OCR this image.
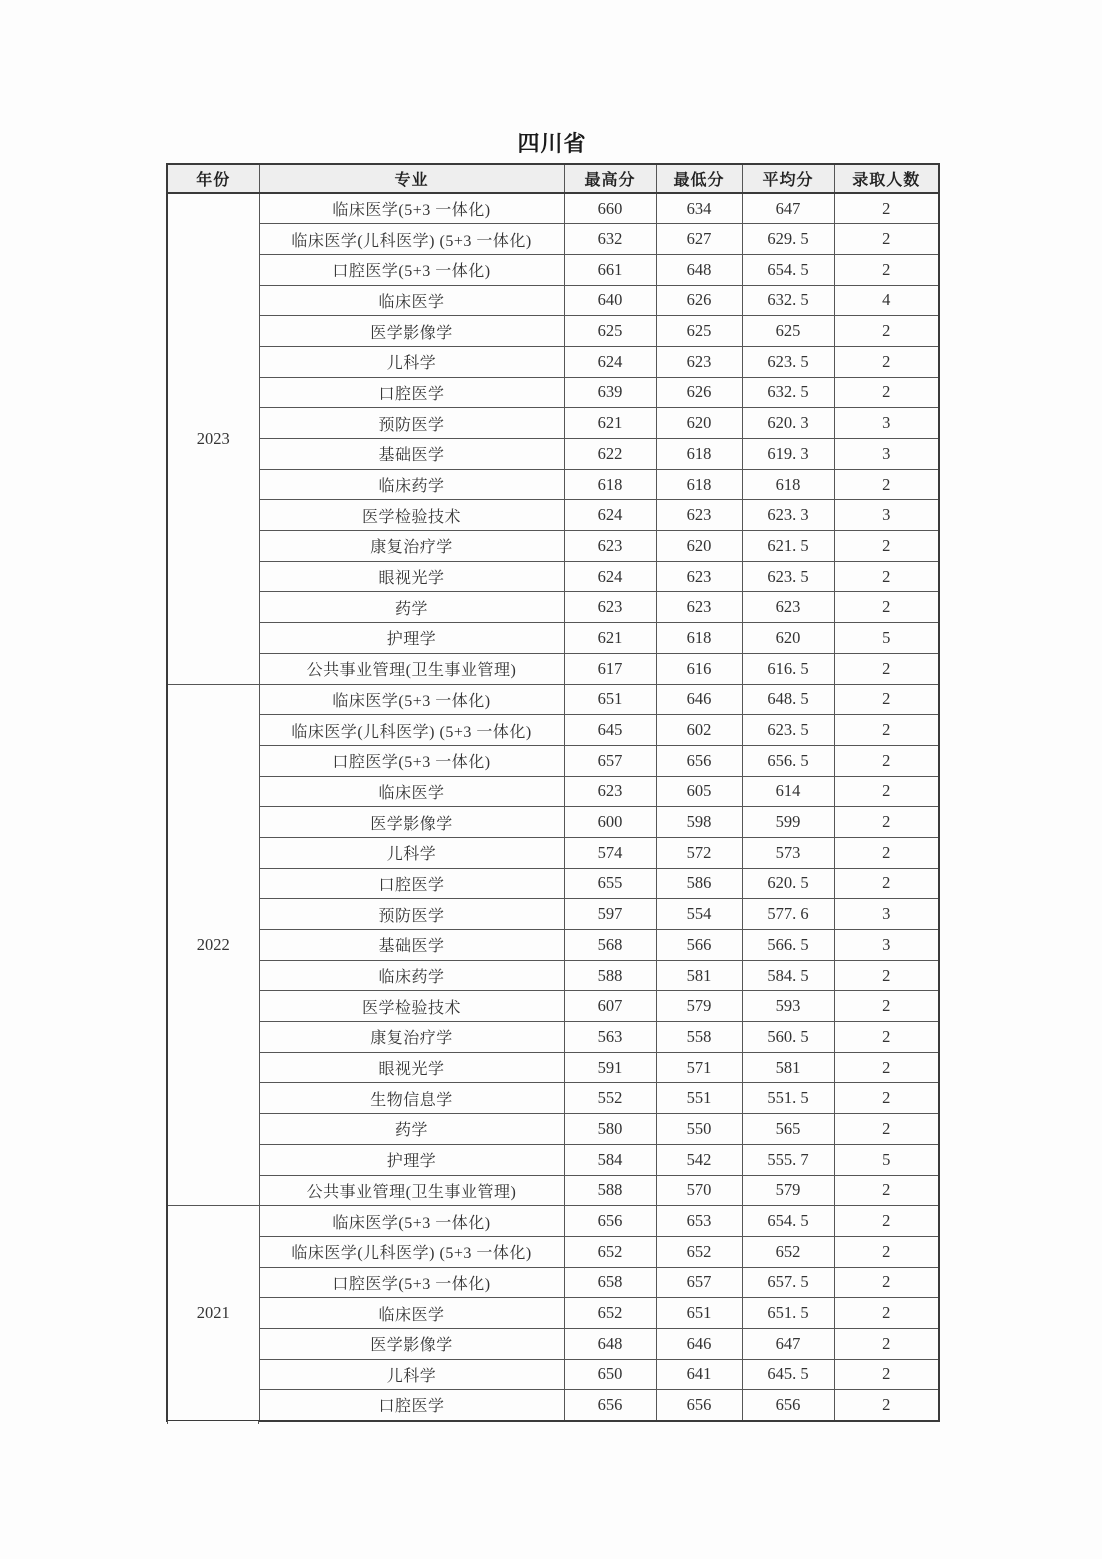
四川省
年份	专业	最高分	最低分	平均分	录取人数
2023	临床医学(5+3 一体化)	660	634	647	2
	临床医学(儿科医学) (5+3 一体化)	632	627	629. 5	2
	口腔医学(5+3 一体化)	661	648	654. 5	2
	临床医学	640	626	632. 5	4
	医学影像学	625	625	625	2
	儿科学	624	623	623. 5	2
	口腔医学	639	626	632. 5	2
	预防医学	621	620	620. 3	3
	基础医学	622	618	619. 3	3
	临床药学	618	618	618	2
	医学检验技术	624	623	623. 3	3
	康复治疗学	623	620	621. 5	2
	眼视光学	624	623	623. 5	2
	药学	623	623	623	2
	护理学	621	618	620	5
	公共事业管理(卫生事业管理)	617	616	616. 5	2
2022	临床医学(5+3 一体化)	651	646	648. 5	2
	临床医学(儿科医学) (5+3 一体化)	645	602	623. 5	2
	口腔医学(5+3 一体化)	657	656	656. 5	2
	临床医学	623	605	614	2
	医学影像学	600	598	599	2
	儿科学	574	572	573	2
	口腔医学	655	586	620. 5	2
	预防医学	597	554	577. 6	3
	基础医学	568	566	566. 5	3
	临床药学	588	581	584. 5	2
	医学检验技术	607	579	593	2
	康复治疗学	563	558	560. 5	2
	眼视光学	591	571	581	2
	生物信息学	552	551	551. 5	2
	药学	580	550	565	2
	护理学	584	542	555. 7	5
	公共事业管理(卫生事业管理)	588	570	579	2
2021	临床医学(5+3 一体化)	656	653	654. 5	2
	临床医学(儿科医学) (5+3 一体化)	652	652	652	2
	口腔医学(5+3 一体化)	658	657	657. 5	2
	临床医学	652	651	651. 5	2
	医学影像学	648	646	647	2
	儿科学	650	641	645. 5	2
	口腔医学	656	656	656	2
